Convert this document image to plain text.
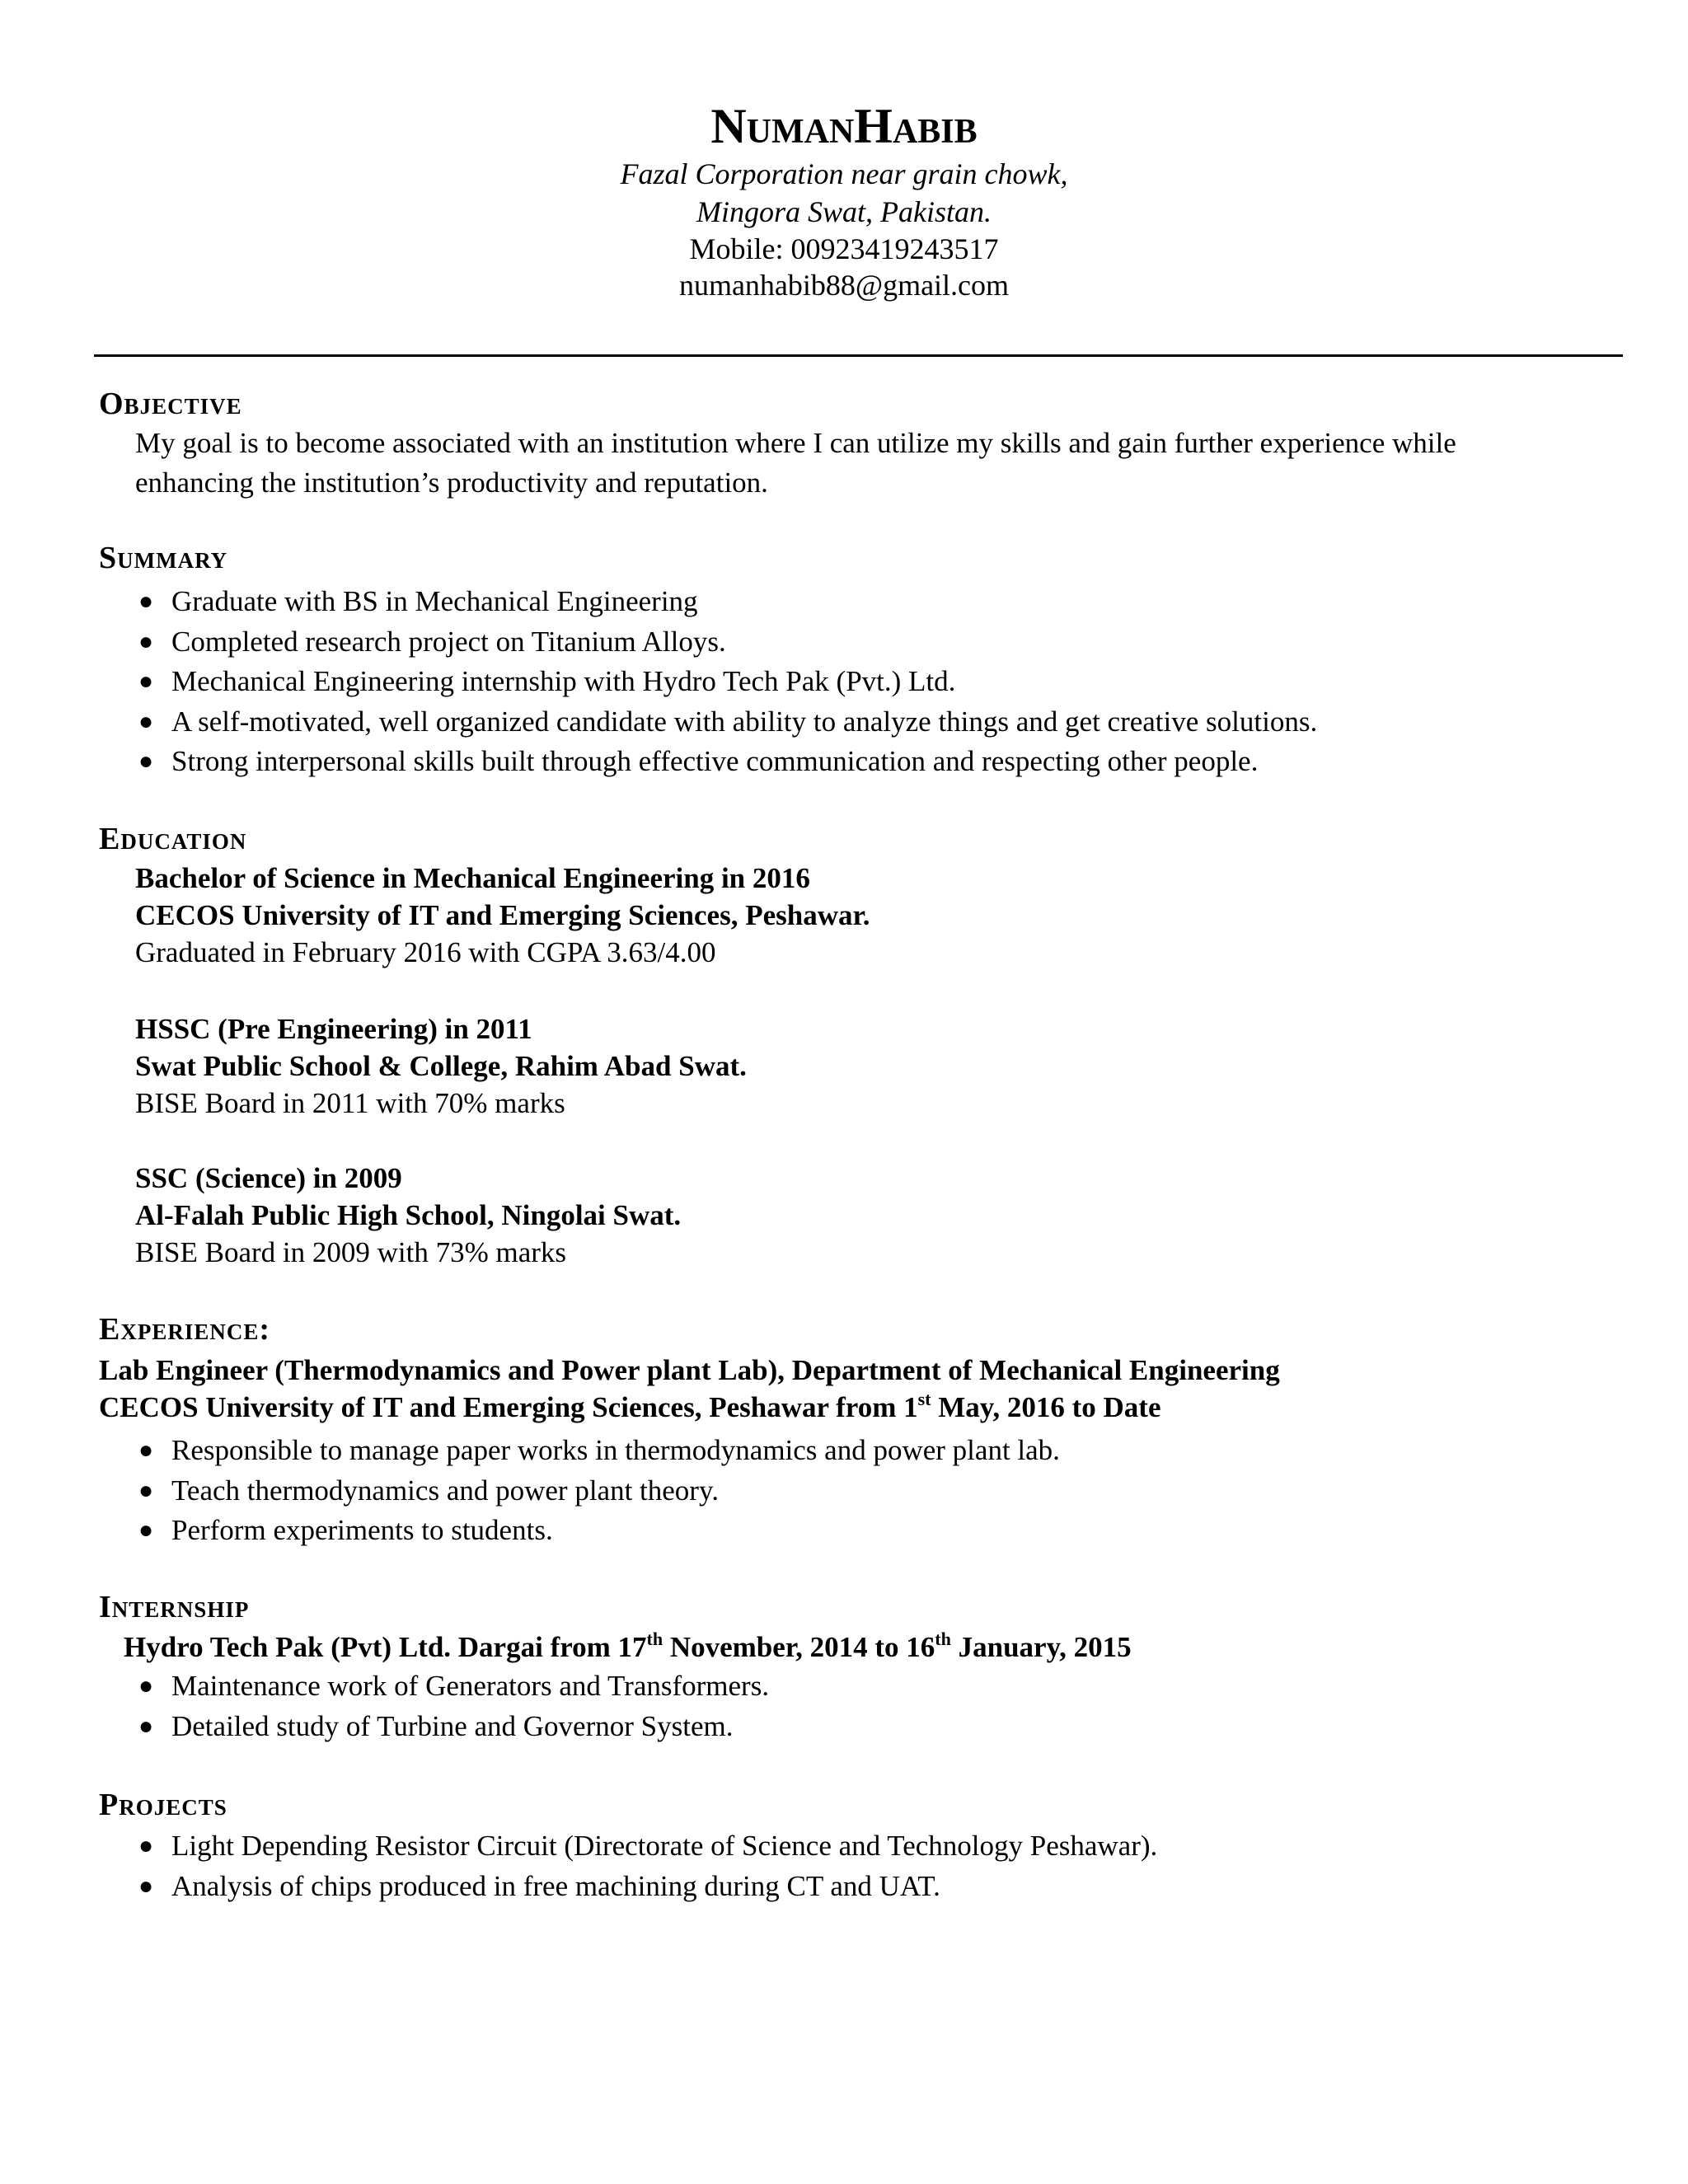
NumanHabib

Fazal Corporation near grain chowk,

Mingora Swat, Pakistan.

Mobile: 00923419243517

numanhabib88@gmail.com

Objective

My goal is to become associated with an institution where I can utilize my skills and gain further experience while enhancing the institution’s productivity and reputation.

Summary

● Graduate with BS in Mechanical Engineering
● Completed research project on Titanium Alloys.
● Mechanical Engineering internship with Hydro Tech Pak (Pvt.) Ltd.
● A self-motivated, well organized candidate with ability to analyze things and get creative solutions.
● Strong interpersonal skills built through effective communication and respecting other people.

Education

Bachelor of Science in Mechanical Engineering in 2016
CECOS University of IT and Emerging Sciences, Peshawar.
Graduated in February 2016 with CGPA 3.63/4.00
HSSC (Pre Engineering) in 2011
Swat Public School & College, Rahim Abad Swat.
BISE Board in 2011 with 70% marks
SSC (Science) in 2009
Al-Falah Public High School, Ningolai Swat.
BISE Board in 2009 with 73% marks

Experience:

Lab Engineer (Thermodynamics and Power plant Lab), Department of Mechanical Engineering
CECOS University of IT and Emerging Sciences, Peshawar from 1st May, 2016 to Date
● Responsible to manage paper works in thermodynamics and power plant lab.
● Teach thermodynamics and power plant theory.
● Perform experiments to students.

Internship

Hydro Tech Pak (Pvt) Ltd. Dargai from 17th November, 2014 to 16th January, 2015
● Maintenance work of Generators and Transformers.
● Detailed study of Turbine and Governor System.

Projects

● Light Depending Resistor Circuit (Directorate of Science and Technology Peshawar).
● Analysis of chips produced in free machining during CT and UAT.
